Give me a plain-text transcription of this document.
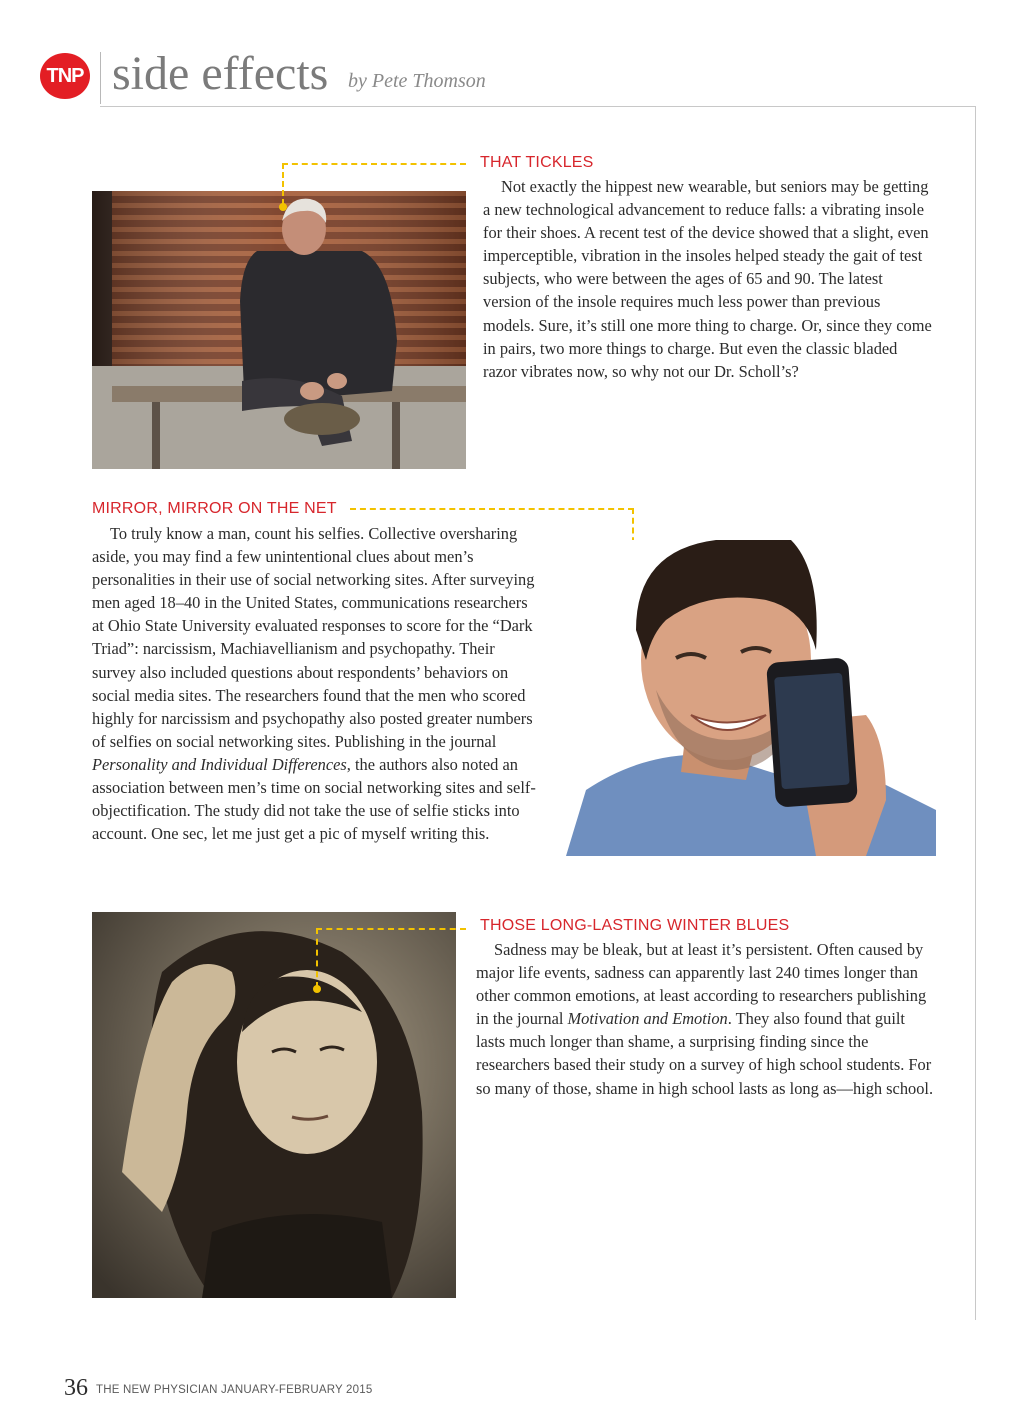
TNP side effects by Pete Thomson
THAT TICKLES

Not exactly the hippest new wearable, but seniors may be getting a new technological advancement to reduce falls: a vibrating insole for their shoes. A recent test of the device showed that a slight, even imperceptible, vibration in the insoles helped steady the gait of test subjects, who were between the ages of 65 and 90. The latest version of the insole requires much less power than previous models. Sure, it’s still one more thing to charge. Or, since they come in pairs, two more things to charge. But even the classic bladed razor vibrates now, so why not our Dr. Scholl’s?

MIRROR, MIRROR ON THE NET

To truly know a man, count his selfies. Collective oversharing aside, you may find a few unintentional clues about men’s personalities in their use of social networking sites. After surveying men aged 18–40 in the United States, communications researchers at Ohio State University evaluated responses to score for the “Dark Triad”: narcissism, Machiavellianism and psychopathy. Their survey also included questions about respondents’ behaviors on social media sites. The researchers found that the men who scored highly for narcissism and psychopathy also posted greater numbers of selfies on social networking sites. Publishing in the journal Personality and Individual Differences, the authors also noted an association between men’s time on social networking sites and self-objectification. The study did not take the use of selfie sticks into account. One sec, let me just get a pic of myself writing this.

THOSE LONG-LASTING WINTER BLUES

Sadness may be bleak, but at least it’s persistent. Often caused by major life events, sadness can apparently last 240 times longer than other common emotions, at least according to researchers publishing in the journal Motivation and Emotion. They also found that guilt lasts much longer than shame, a surprising finding since the researchers based their study on a survey of high school students. For so many of those, shame in high school lasts as long as—high school.

36 THE NEW PHYSICIAN JANUARY-FEBRUARY 2015
